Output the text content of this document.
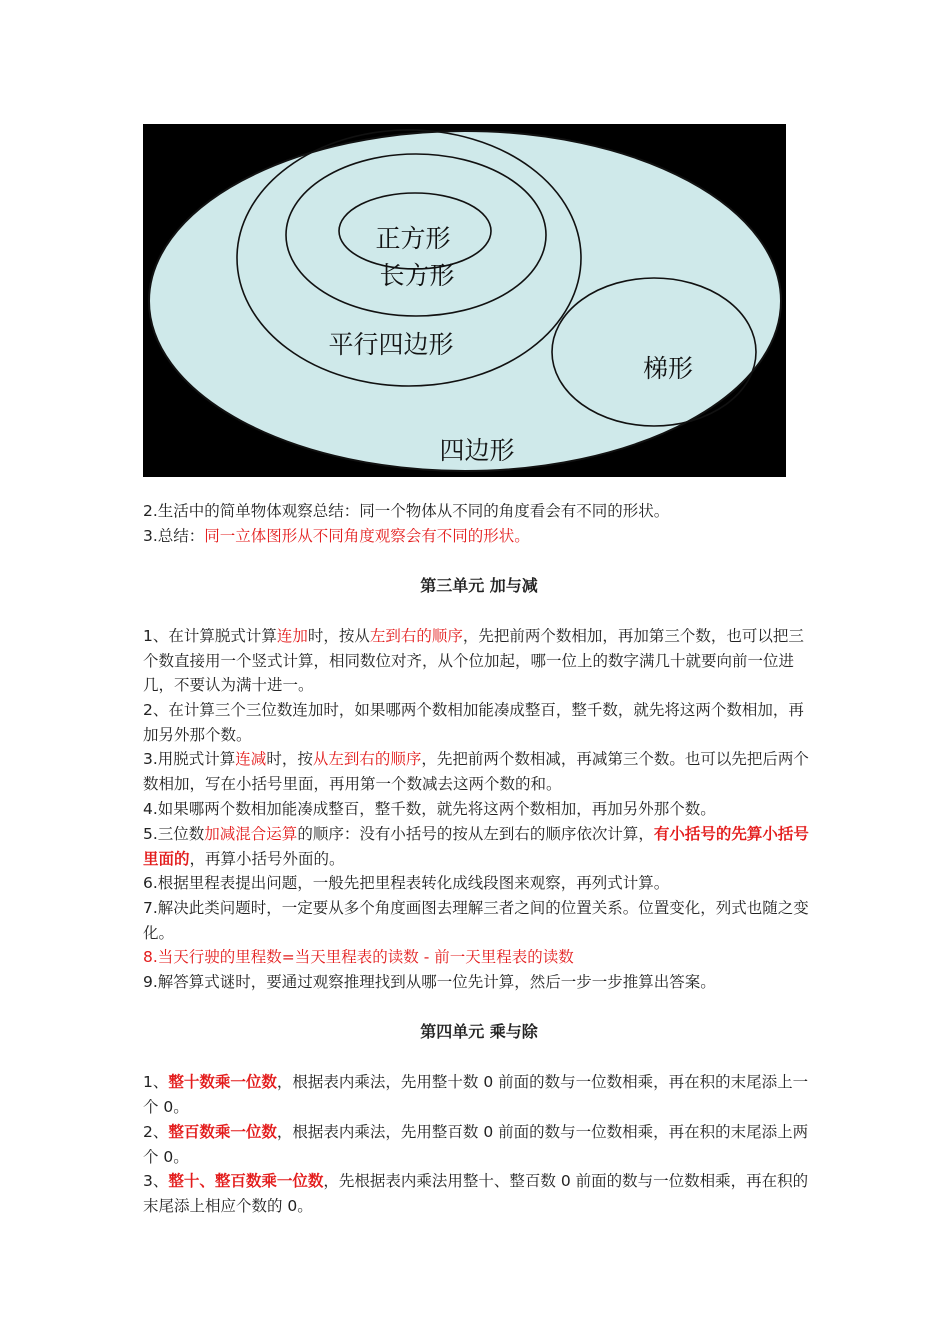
正方形
长方形
平行四边形
梯形
四边形

2.生活中的简单物体观察总结：同一个物体从不同的角度看会有不同的形状。

3.总结：同一立体图形从不同角度观察会有不同的形状。

第三单元 加与减

1、在计算脱式计算连加时，按从左到右的顺序，先把前两个数相加，再加第三个数，也可以把三个数直接用一个竖式计算，相同数位对齐，从个位加起，哪一位上的数字满几十就要向前一位进几，不要认为满十进一。

2、在计算三个三位数连加时，如果哪两个数相加能凑成整百，整千数，就先将这两个数相加，再加另外那个数。

3.用脱式计算连减时，按从左到右的顺序，先把前两个数相减，再减第三个数。也可以先把后两个数相加，写在小括号里面，再用第一个数减去这两个数的和。

4.如果哪两个数相加能凑成整百，整千数，就先将这两个数相加，再加另外那个数。

5.三位数加减混合运算的顺序：没有小括号的按从左到右的顺序依次计算，有小括号的先算小括号里面的，再算小括号外面的。

6.根据里程表提出问题，一般先把里程表转化成线段图来观察，再列式计算。

7.解决此类问题时，一定要从多个角度画图去理解三者之间的位置关系。位置变化，列式也随之变化。

8.当天行驶的里程数=当天里程表的读数 - 前一天里程表的读数

9.解答算式谜时，要通过观察推理找到从哪一位先计算，然后一步一步推算出答案。

第四单元 乘与除

1、整十数乘一位数，根据表内乘法，先用整十数 0 前面的数与一位数相乘，再在积的末尾添上一个 0。

2、整百数乘一位数，根据表内乘法，先用整百数 0 前面的数与一位数相乘，再在积的末尾添上两个 0。

3、整十、整百数乘一位数，先根据表内乘法用整十、整百数 0 前面的数与一位数相乘，再在积的末尾添上相应个数的 0。
